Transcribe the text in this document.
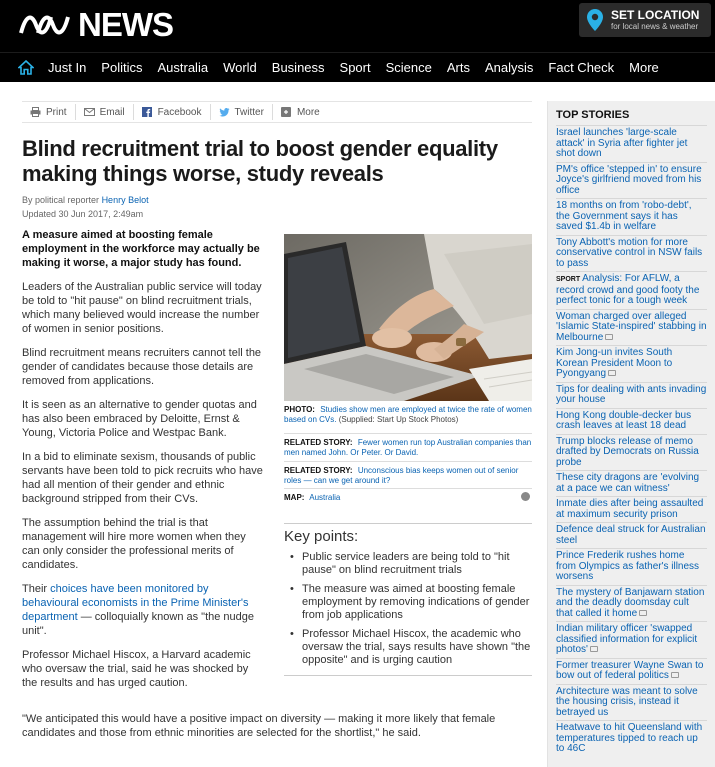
NEWS	SET LOCATION
for local news & weather
Just In Politics Australia World Business Sport Science Arts Analysis Fact Check More
Print	Email	Facebook	Twitter	More
Blind recruitment trial to boost gender equality making things worse, study reveals
By political reporter Henry Belot
Updated 30 Jun 2017, 2:49am

A measure aimed at boosting female employment in the workforce may actually be making it worse, a major study has found.

Leaders of the Australian public service will today be told to "hit pause" on blind recruitment trials, which many believed would increase the number of women in senior positions.

Blind recruitment means recruiters cannot tell the gender of candidates because those details are removed from applications.

It is seen as an alternative to gender quotas and has also been embraced by Deloitte, Ernst & Young, Victoria Police and Westpac Bank.

In a bid to eliminate sexism, thousands of public servants have been told to pick recruits who have had all mention of their gender and ethnic background stripped from their CVs.

The assumption behind the trial is that management will hire more women when they can only consider the professional merits of candidates.

Their choices have been monitored by behavioural economists in the Prime Minister's department — colloquially known as "the nudge unit".

Professor Michael Hiscox, a Harvard academic who oversaw the trial, said he was shocked by the results and has urged caution.

PHOTO: Studies show men are employed at twice the rate of women based on CVs. (Supplied: Start Up Stock Photos)
RELATED STORY: Fewer women run top Australian companies than men named John. Or Peter. Or David.
RELATED STORY: Unconscious bias keeps women out of senior roles — can we get around it?
MAP: Australia
Key points:
• Public service leaders are being told to "hit pause" on blind recruitment trials
• The measure was aimed at boosting female employment by removing indications of gender from job applications
• Professor Michael Hiscox, the academic who oversaw the trial, says results have shown "the opposite" and is urging caution

"We anticipated this would have a positive impact on diversity — making it more likely that female candidates and those from ethnic minorities are selected for the shortlist," he said.

TOP STORIES
Israel launches 'large-scale attack' in Syria after fighter jet shot down
PM's office 'stepped in' to ensure Joyce's girlfriend moved from his office
18 months on from 'robo-debt', the Government says it has saved $1.4b in welfare
Tony Abbott's motion for more conservative control in NSW fails to pass
SPORT Analysis: For AFLW, a record crowd and good footy the perfect tonic for a tough week
Woman charged over alleged 'Islamic State-inspired' stabbing in Melbourne
Kim Jong-un invites South Korean President Moon to Pyongyang
Tips for dealing with ants invading your house
Hong Kong double-decker bus crash leaves at least 18 dead
Trump blocks release of memo drafted by Democrats on Russia probe
These city dragons are 'evolving at a pace we can witness'
Inmate dies after being assaulted at maximum security prison
Defence deal struck for Australian steel
Prince Frederik rushes home from Olympics as father's illness worsens
The mystery of Banjawarn station and the deadly doomsday cult that called it home
Indian military officer 'swapped classified information for explicit photos'
Former treasurer Wayne Swan to bow out of federal politics
Architecture was meant to solve the housing crisis, instead it betrayed us
Heatwave to hit Queensland with temperatures tipped to reach up to 46C
